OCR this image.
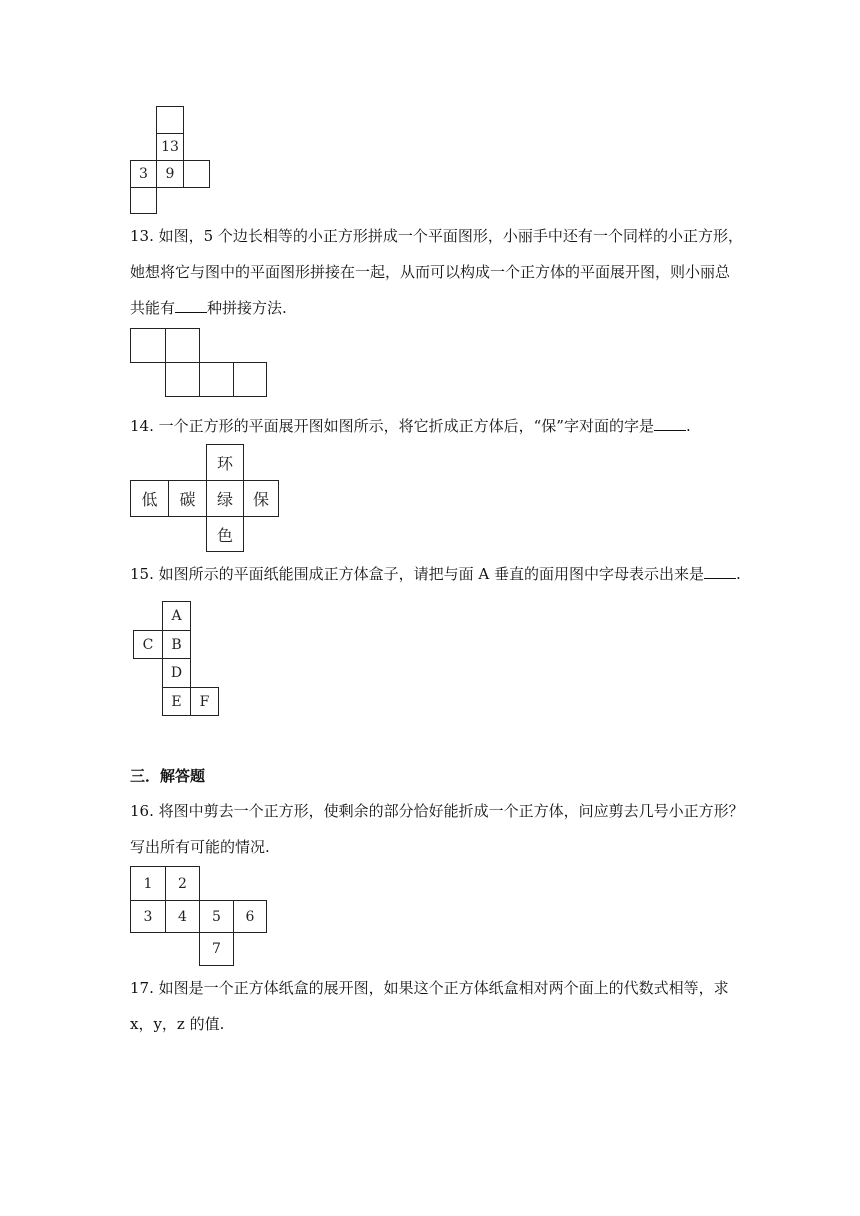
13
3	9
13. 如图，5 个边长相等的小正方形拼成一个平面图形，小丽手中还有一个同样的小正方形，
她想将它与图中的平面图形拼接在一起，从而可以构成一个正方体的平面展开图，则小丽总
共能有 种拼接方法.
14. 一个正方形的平面展开图如图所示，将它折成正方体后，“保”字对面的字是 .
环
低	碳	绿	保
色
15. 如图所示的平面纸能围成正方体盒子，请把与面 A 垂直的面用图中字母表示出来是 .
A
C	B
D
E	F
三．解答题
16. 将图中剪去一个正方形，使剩余的部分恰好能折成一个正方体，问应剪去几号小正方形？
写出所有可能的情况.
1	2
3	4	5	6
7
17. 如图是一个正方体纸盒的展开图，如果这个正方体纸盒相对两个面上的代数式相等，求
x，y，z 的值.
